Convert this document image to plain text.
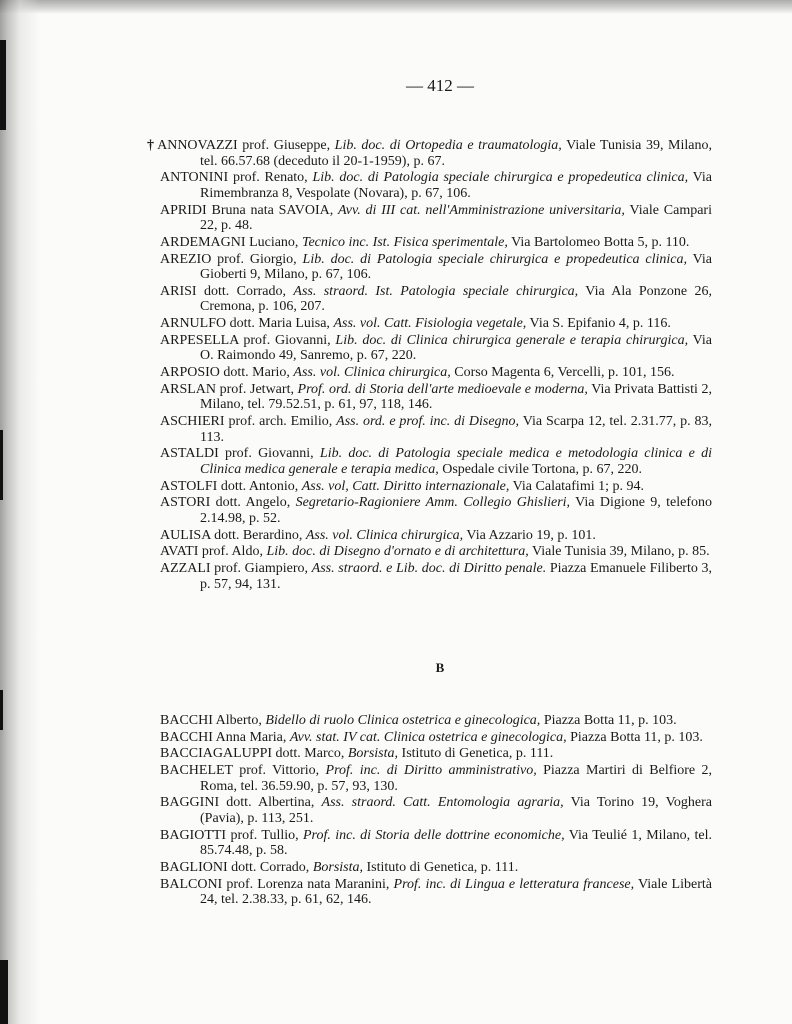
— 412 —
† ANNOVAZZI prof. Giuseppe, Lib. doc. di Ortopedia e traumatologia, Viale Tunisia 39, Milano, tel. 66.57.68 (deceduto il 20-1-1959), p. 67.
ANTONINI prof. Renato, Lib. doc. di Patologia speciale chirurgica e propedeutica clinica, Via Rimembranza 8, Vespolate (Novara), p. 67, 106.
APRIDI Bruna nata SAVOIA, Avv. di III cat. nell'Amministrazione universitaria, Viale Campari 22, p. 48.
ARDEMAGNI Luciano, Tecnico inc. Ist. Fisica sperimentale, Via Bartolomeo Botta 5, p. 110.
AREZIO prof. Giorgio, Lib. doc. di Patologia speciale chirurgica e propedeutica clinica, Via Gioberti 9, Milano, p. 67, 106.
ARISI dott. Corrado, Ass. straord. Ist. Patologia speciale chirurgica, Via Ala Ponzone 26, Cremona, p. 106, 207.
ARNULFO dott. Maria Luisa, Ass. vol. Catt. Fisiologia vegetale, Via S. Epifanio 4, p. 116.
ARPESELLA prof. Giovanni, Lib. doc. di Clinica chirurgica generale e terapia chirurgica, Via O. Raimondo 49, Sanremo, p. 67, 220.
ARPOSIO dott. Mario, Ass. vol. Clinica chirurgica, Corso Magenta 6, Vercelli, p. 101, 156.
ARSLAN prof. Jetwart, Prof. ord. di Storia dell'arte medioevale e moderna, Via Privata Battisti 2, Milano, tel. 79.52.51, p. 61, 97, 118, 146.
ASCHIERI prof. arch. Emilio, Ass. ord. e prof. inc. di Disegno, Via Scarpa 12, tel. 2.31.77, p. 83, 113.
ASTALDI prof. Giovanni, Lib. doc. di Patologia speciale medica e metodologia clinica e di Clinica medica generale e terapia medica, Ospedale civile Tortona, p. 67, 220.
ASTOLFI dott. Antonio, Ass. vol, Catt. Diritto internazionale, Via Calatafimi 1; p. 94.
ASTORI dott. Angelo, Segretario-Ragioniere Amm. Collegio Ghislieri, Via Digione 9, telefono 2.14.98, p. 52.
AULISA dott. Berardino, Ass. vol. Clinica chirurgica, Via Azzario 19, p. 101.
AVATI prof. Aldo, Lib. doc. di Disegno d'ornato e di architettura, Viale Tunisia 39, Milano, p. 85.
AZZALI prof. Giampiero, Ass. straord. e Lib. doc. di Diritto penale. Piazza Emanuele Filiberto 3, p. 57, 94, 131.
B
BACCHI Alberto, Bidello di ruolo Clinica ostetrica e ginecologica, Piazza Botta 11, p. 103.
BACCHI Anna Maria, Avv. stat. IV cat. Clinica ostetrica e ginecologica, Piazza Botta 11, p. 103.
BACCIAGALUPPI dott. Marco, Borsista, Istituto di Genetica, p. 111.
BACHELET prof. Vittorio, Prof. inc. di Diritto amministrativo, Piazza Martiri di Belfiore 2, Roma, tel. 36.59.90, p. 57, 93, 130.
BAGGINI dott. Albertina, Ass. straord. Catt. Entomologia agraria, Via Torino 19, Voghera (Pavia), p. 113, 251.
BAGIOTTI prof. Tullio, Prof. inc. di Storia delle dottrine economiche, Via Teulié 1, Milano, tel. 85.74.48, p. 58.
BAGLIONI dott. Corrado, Borsista, Istituto di Genetica, p. 111.
BALCONI prof. Lorenza nata Maranini, Prof. inc. di Lingua e letteratura francese, Viale Libertà 24, tel. 2.38.33, p. 61, 62, 146.
